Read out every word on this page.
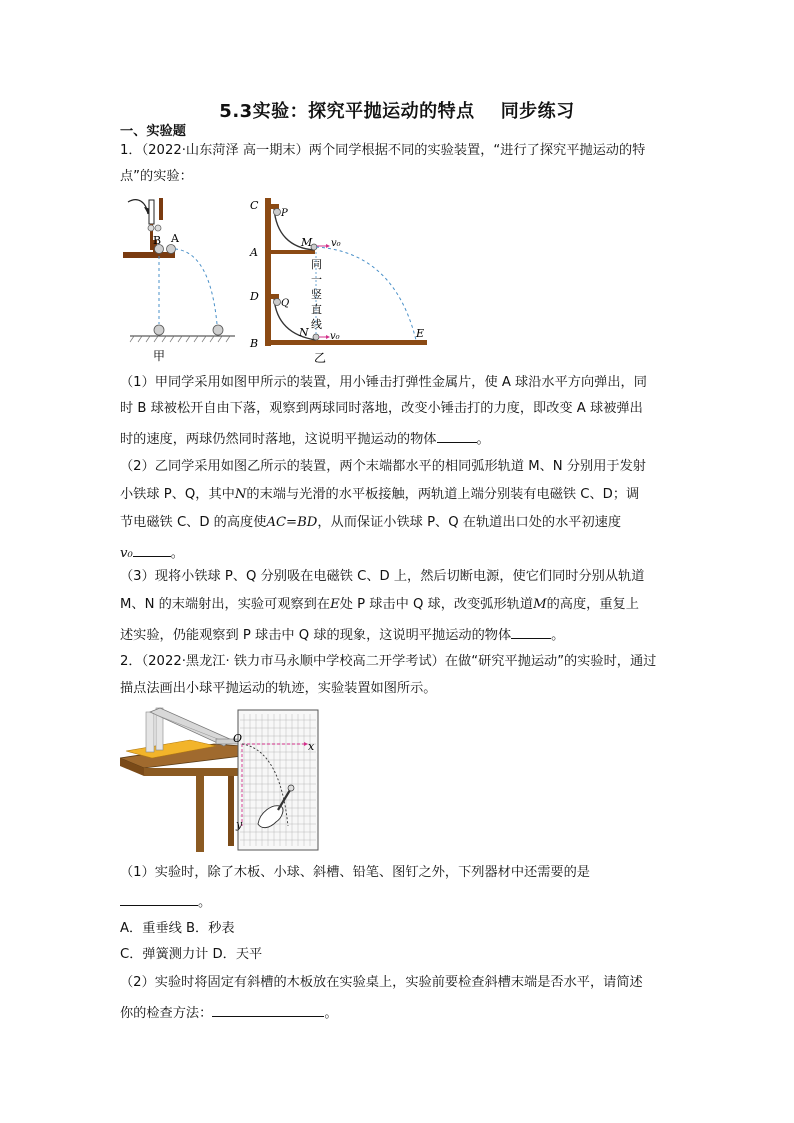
5.3实验：探究平抛运动的特点 同步练习
一、实验题
1．（2022·山东菏泽 高一期末）两个同学根据不同的实验装置，“进行了探究平抛运动的特
点”的实验：
B A
甲
C
P
M v₀
A
D
Q
N v₀
B
E
同
一
竖
直
线
乙
（1）甲同学采用如图甲所示的装置，用小锤击打弹性金属片，使 A 球沿水平方向弹出，同
时 B 球被松开自由下落，观察到两球同时落地，改变小锤击打的力度，即改变 A 球被弹出
时的速度，两球仍然同时落地，这说明平抛运动的物体	。
（2）乙同学采用如图乙所示的装置，两个末端都水平的相同弧形轨道 M、N 分别用于发射
小铁球 P、Q，其中N的末端与光滑的水平板接触，两轨道上端分别装有电磁铁 C、D；调
节电磁铁 C、D 的高度使AC=BD，从而保证小铁球 P、Q 在轨道出口处的水平初速度
v₀	。
（3）现将小铁球 P、Q 分别吸在电磁铁 C、D 上，然后切断电源，使它们同时分别从轨道
M、N 的末端射出，实验可观察到在E处 P 球击中 Q 球，改变弧形轨道M的高度，重复上
述实验，仍能观察到 P 球击中 Q 球的现象，这说明平抛运动的物体	。
2．（2022·黑龙江· 铁力市马永顺中学校高二开学考试）在做“研究平抛运动”的实验时，通过
描点法画出小球平抛运动的轨迹，实验装置如图所示。
O
x
y
（1）实验时，除了木板、小球、斜槽、铅笔、图钉之外，下列器材中还需要的是
。
A．重垂线 B．秒表
C．弹簧测力计 D．天平
（2）实验时将固定有斜槽的木板放在实验桌上，实验前要检查斜槽末端是否水平，请简述
你的检查方法：	。
